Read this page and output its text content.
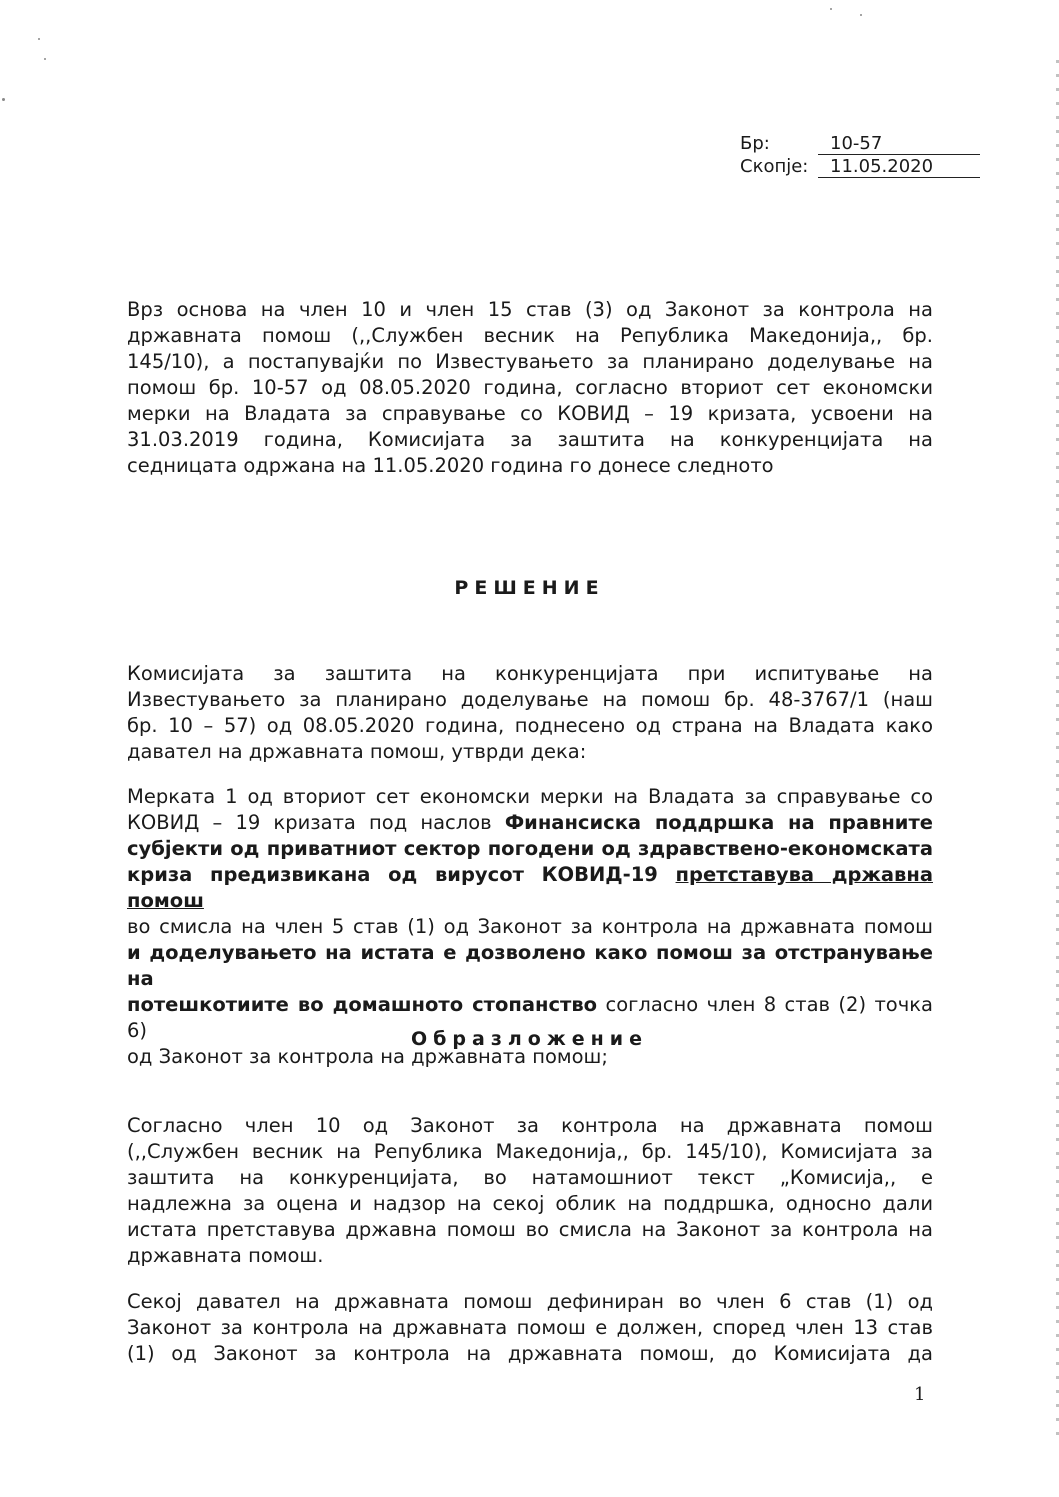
Бр:	10-57
Скопје:	11.05.2020
Врз основа на член 10 и член 15 став (3) од Законот за контрола на
државната помош (,,Службен весник на Република Македонија,, бр.
145/10), а постапувајќи по Известувањето за планирано доделување на
помош бр. 10-57 од 08.05.2020 година, согласно вториот сет економски
мерки на Владата за справување со КОВИД – 19 кризата, усвоени на
31.03.2019 година, Комисијата за заштита на конкуренцијата на
седницата одржана на 11.05.2020 година го донесе следното
РЕШЕНИЕ
Комисијата за заштита на конкуренцијата при испитување на
Известувањето за планирано доделување на помош бр. 48-3767/1 (наш
бр. 10 – 57) од 08.05.2020 година, поднесено од страна на Владата како
давател на државната помош, утврди дека:
Мерката 1 од вториот сет економски мерки на Владата за справување со
КОВИД – 19 кризата под наслов Финансиска поддршка на правните
субјекти од приватниот сектор погодени од здравствено-економската
криза предизвикана од вирусот КОВИД-19 претставува државна помош
во смисла на член 5 став (1) од Законот за контрола на државната помош
и доделувањето на истата е дозволено како помош за отстранување на
потешкотиите во домашното стопанство согласно член 8 став (2) точка 6)
од Законот за контрола на државната помош;
Образложение
Согласно член 10 од Законот за контрола на државната помош
(,,Службен весник на Република Македонија,, бр. 145/10), Комисијата за
заштита на конкуренцијата, во натамошниот текст „Комисија,, е
надлежна за оцена и надзор на секој облик на поддршка, односно дали
истата претставува државна помош во смисла на Законот за контрола на
државната помош.
Секој давател на државната помош дефиниран во член 6 став (1) од
Законот за контрола на државната помош е должен, според член 13 став
(1) од Законот за контрола на државната помош, до Комисијата да
1
